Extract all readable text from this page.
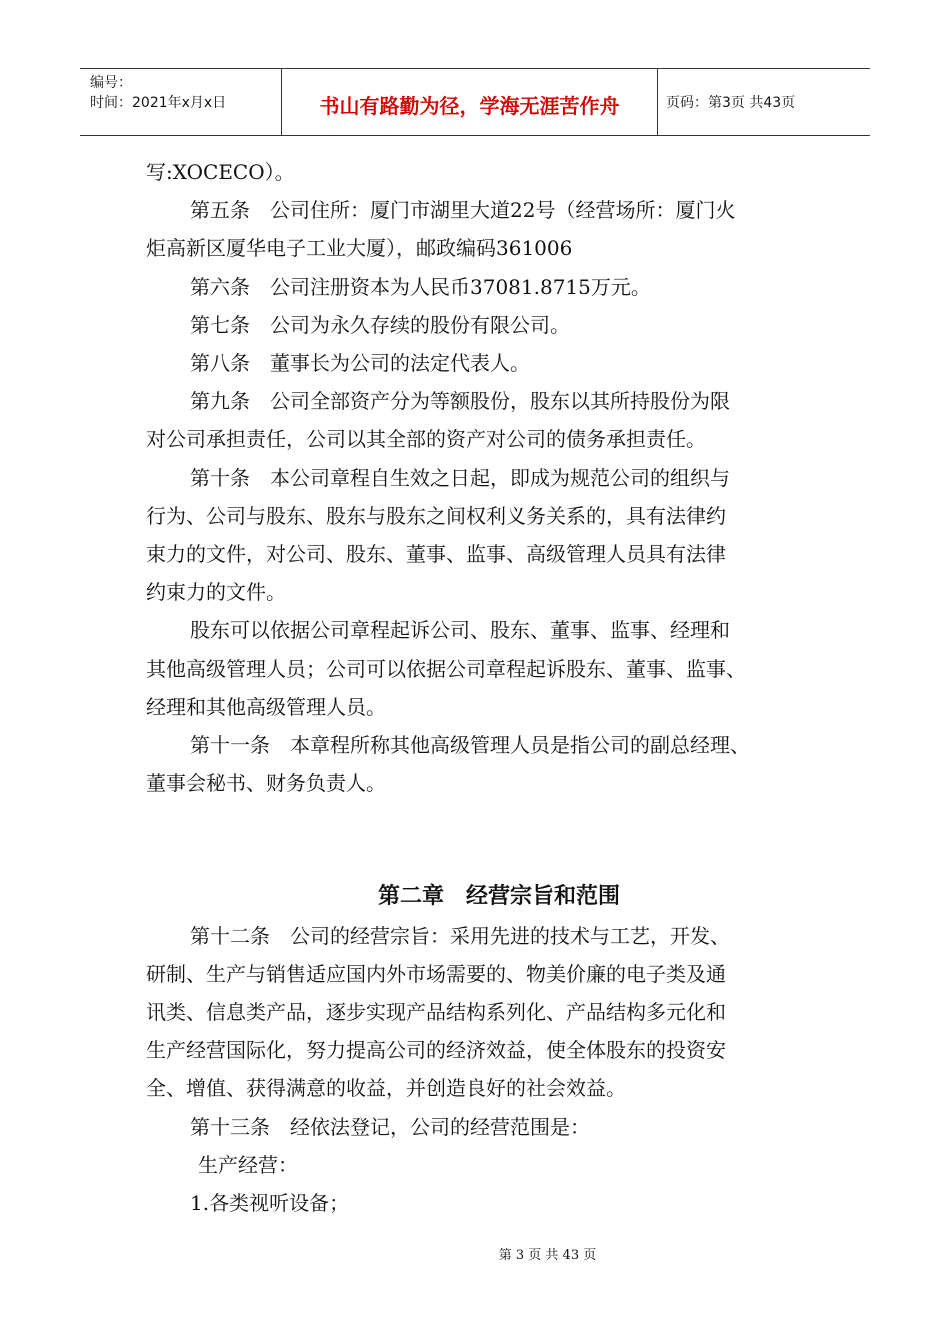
编号：
时间：2021年x月x日	书山有路勤为径，学海无涯苦作舟	页码：第3页 共43页

写:XOCECO）。

第五条　公司住所：厦门市湖里大道22号（经营场所：厦门火

炬高新区厦华电子工业大厦），邮政编码361006

第六条　公司注册资本为人民币37081.8715万元。

第七条　公司为永久存续的股份有限公司。

第八条　董事长为公司的法定代表人。

第九条　公司全部资产分为等额股份，股东以其所持股份为限

对公司承担责任，公司以其全部的资产对公司的债务承担责任。

第十条　本公司章程自生效之日起，即成为规范公司的组织与

行为、公司与股东、股东与股东之间权利义务关系的，具有法律约

束力的文件，对公司、股东、董事、监事、高级管理人员具有法律

约束力的文件。

股东可以依据公司章程起诉公司、股东、董事、监事、经理和

其他高级管理人员；公司可以依据公司章程起诉股东、董事、监事、

经理和其他高级管理人员。

第十一条　本章程所称其他高级管理人员是指公司的副总经理、

董事会秘书、财务负责人。

第二章　经营宗旨和范围

第十二条　公司的经营宗旨：采用先进的技术与工艺，开发、

研制、生产与销售适应国内外市场需要的、物美价廉的电子类及通

讯类、信息类产品，逐步实现产品结构系列化、产品结构多元化和

生产经营国际化，努力提高公司的经济效益，使全体股东的投资安

全、增值、获得满意的收益，并创造良好的社会效益。

第十三条　经依法登记，公司的经营范围是：

生产经营：

1.各类视听设备；

第 3 页 共 43 页
